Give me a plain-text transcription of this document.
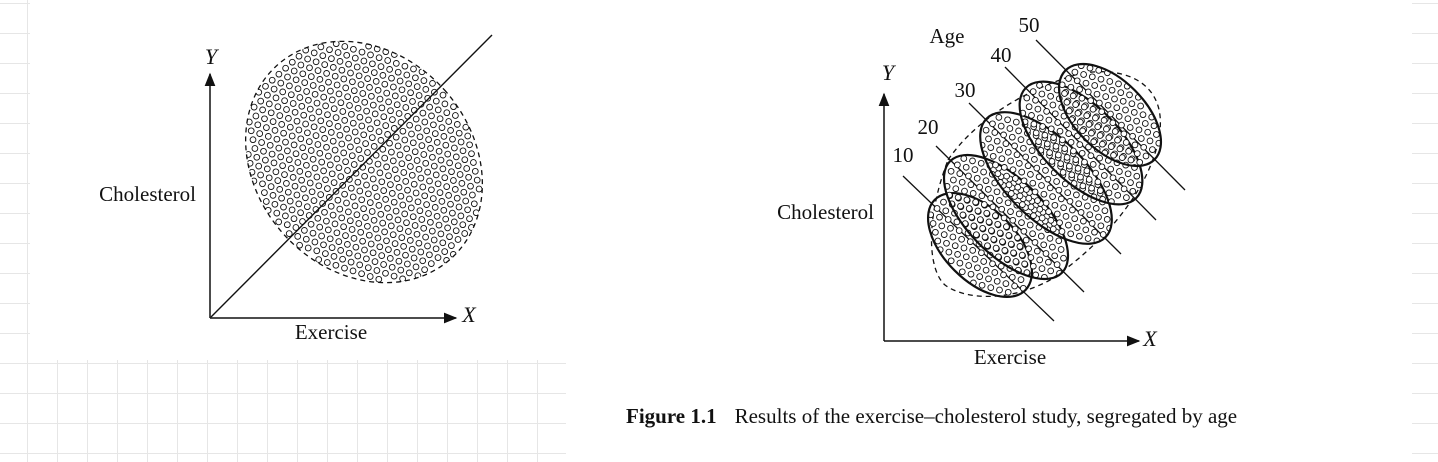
Y
X
Cholesterol
Exercise
Y
X
Cholesterol
Exercise
Age
10
20
30
40
50
Figure 1.1 Results of the exercise–cholesterol study, segregated by age
